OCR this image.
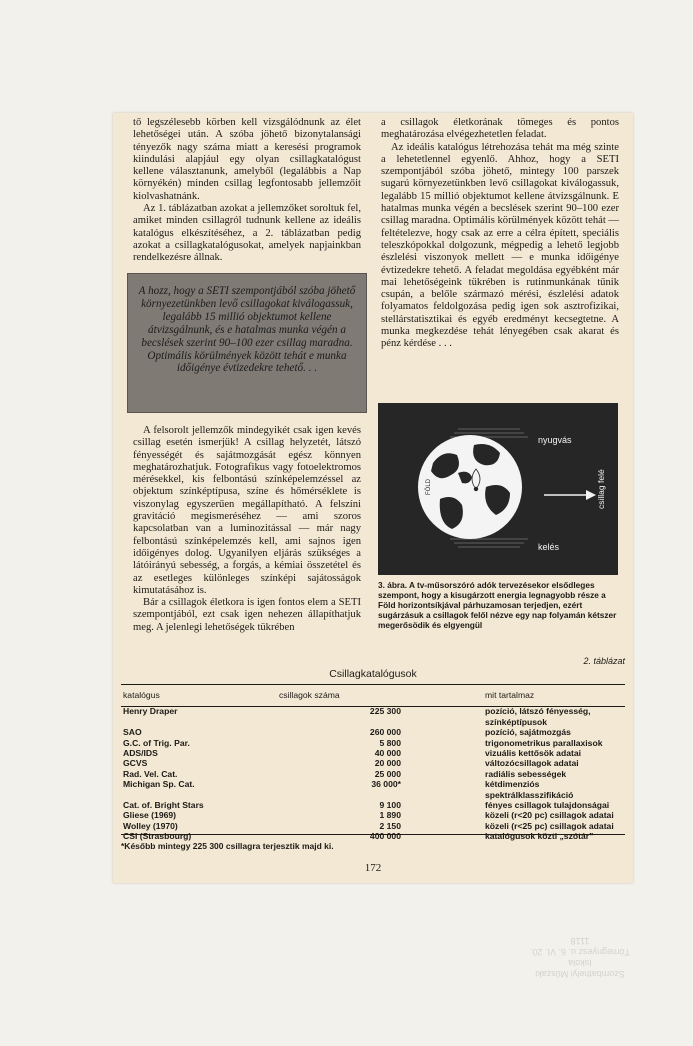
tő legszélesebb körben kell vizsgálódnunk az élet lehetőségei után. A szóba jöhető bizonytalansági tényezők nagy száma miatt a keresési programok kiindulási alapjául egy olyan csillagkatalógust kellene választanunk, amelyből (legalábbis a Nap környékén) minden csillag legfontosabb jellemzőit kiolvashatnánk.

Az 1. táblázatban azokat a jellemzőket soroltuk fel, amiket minden csillagról tudnunk kellene az ideális katalógus elkészítéséhez, a 2. táblázatban pedig azokat a csillagkatalógusokat, amelyek napjainkban rendelkezésre állnak.

A hozz, hogy a SETI szempontjából szóba jöhető környezetünkben levő csillagokat kiválogassuk, legalább 15 millió objektumot kellene átvizsgálnunk, és e hatalmas munka végén a becslések szerint 90–100 ezer csillag maradna. Optimális körülmények között tehát e munka időigénye évtizedekre tehető. . .

A felsorolt jellemzők mindegyikét csak igen kevés csillag esetén ismerjük! A csillag helyzetét, látszó fényességét és sajátmozgását egész könnyen meghatározhatjuk. Fotografikus vagy fotoelektromos mérésekkel, kis felbontású színképelemzéssel az objektum színképtípusa, színe és hőmérséklete is viszonylag egyszerűen megállapítható. A felszíni gravitáció megismeréséhez — ami szoros kapcsolatban van a luminozitással — már nagy felbontású színképelemzés kell, ami sajnos igen időigényes dolog. Ugyanilyen eljárás szükséges a látóirányú sebesség, a forgás, a kémiai összetétel és az esetleges különleges színképi sajátosságok kimutatásához is.

Bár a csillagok életkora is igen fontos elem a SETI szempontjából, ezt csak igen nehezen állapíthatjuk meg. A jelenlegi lehetőségek tükrében

a csillagok életkorának tömeges és pontos meghatározása elvégezhetetlen feladat.

Az ideális katalógus létrehozása tehát ma még szinte a lehetetlennel egyenlő. Ahhoz, hogy a SETI szempontjából szóba jöhető, mintegy 100 parszek sugarú környezetünkben levő csillagokat kiválogassuk, legalább 15 millió objektumot kellene átvizsgálnunk. E hatalmas munka végén a becslések szerint 90–100 ezer csillag maradna. Optimális körülmények között tehát — feltételezve, hogy csak az erre a célra épített, speciális teleszkópokkal dolgozunk, mégpedig a lehető legjobb észlelési viszonyok mellett — e munka időigénye évtizedekre tehető. A feladat megoldása egyébként már mai lehetőségeink tükrében is rutinmunkának tűnik csupán, a belőle származó mérési, észlelési adatok folyamatos feldolgozása pedig igen sok asztrofizikai, stellárstatisztikai és egyéb eredményt kecsegtetne. A munka megkezdése tehát lényegében csak akarat és pénz kérdése . . .

nyugvás
kelés
FÖLD	csillag felé

3. ábra. A tv-műsorszóró adók tervezésekor elsődleges szempont, hogy a kisugárzott energia legnagyobb része a Föld horizontsíkjával párhuzamosan terjedjen, ezért sugárzásuk a csillagok felől nézve egy nap folyamán kétszer megerősödik és elgyengül

2. táblázat
Csillagkatalógusok
katalógus	csillagok száma	mit tartalmaz
Henry Draper	225 300	pozíció, látszó fényesség, színképtípusok
SAO	260 000	pozíció, sajátmozgás
G.C. of Trig. Par.	5 800	trigonometrikus parallaxisok
ADS/IDS	40 000	vizuális kettősök adatai
GCVS	20 000	változócsillagok adatai
Rad. Vel. Cat.	25 000	radiális sebességek
Michigan Sp. Cat.	36 000*	kétdimenziós spektrálklasszifikáció
Cat. of. Bright Stars	9 100	fényes csillagok tulajdonságai
Gliese (1969)	1 890	közeli (r<20 pc) csillagok adatai
Wolley (1970)	2 150	közeli (r<25 pc) csillagok adatai
CSI (Strasbourg)	400 000	katalógusok közti „szótár”
*Később mintegy 225 300 csillagra terjesztik majd ki.
172

Szombathelyi Műszaki

Iskola

Tömegnyesz u. 6. VI. 20.

1118
